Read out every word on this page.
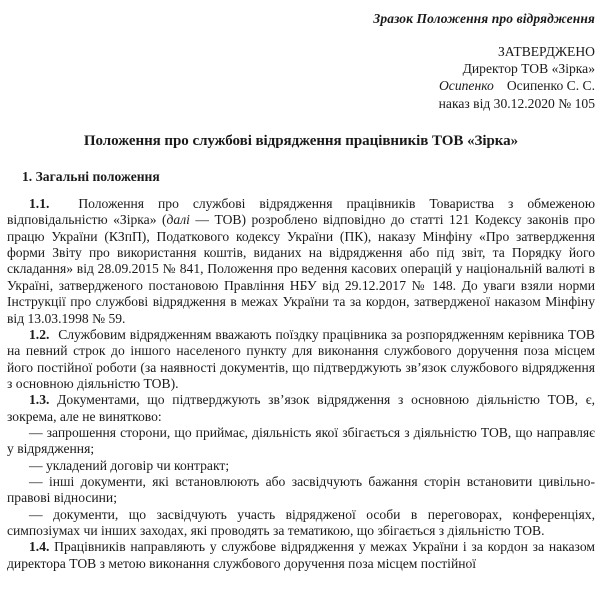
Зразок Положення про відрядження
ЗАТВЕРДЖЕНО
Директор ТОВ «Зірка»
Осипенко Осипенко С. С.
наказ від 30.12.2020 № 105
Положення про службові відрядження працівників ТОВ «Зірка»
1. Загальні положення

1.1. Положення про службові відрядження працівників Товариства з обмеженою відповідальністю «Зірка» (далі — ТОВ) розроблено відповідно до статті 121 Кодексу законів про працю України (КЗпП), Податкового кодексу України (ПК), наказу Мінфіну «Про затвердження форми Звіту про використання коштів, виданих на відрядження або під звіт, та Порядку його складання» від 28.09.2015 № 841, Положення про ведення касових операцій у національній валюті в Україні, затвердженого постановою Правління НБУ від 29.12.2017 № 148. До уваги взяли норми Інструкції про службові відрядження в межах України та за кордон, затвердженої наказом Мінфіну від 13.03.1998 № 59.

1.2. Службовим відрядженням вважають поїздку працівника за розпорядженням керівника ТОВ на певний строк до іншого населеного пункту для виконання службового доручення поза місцем його постійної роботи (за наявності документів, що підтверджують зв’язок службового відрядження з основною діяльністю ТОВ).

1.3. Документами, що підтверджують зв’язок відрядження з основною діяльністю ТОВ, є, зокрема, але не винятково:

— запрошення сторони, що приймає, діяльність якої збігається з діяльністю ТОВ, що направляє у відрядження;

— укладений договір чи контракт;

— інші документи, які встановлюють або засвідчують бажання сторін встановити цивільно-правові відносини;

— документи, що засвідчують участь відрядженої особи в переговорах, конференціях, симпозіумах чи інших заходах, які проводять за тематикою, що збігається з діяльністю ТОВ.

1.4. Працівників направляють у службове відрядження у межах України і за кордон за наказом директора ТОВ з метою виконання службового доручення поза місцем постійної
